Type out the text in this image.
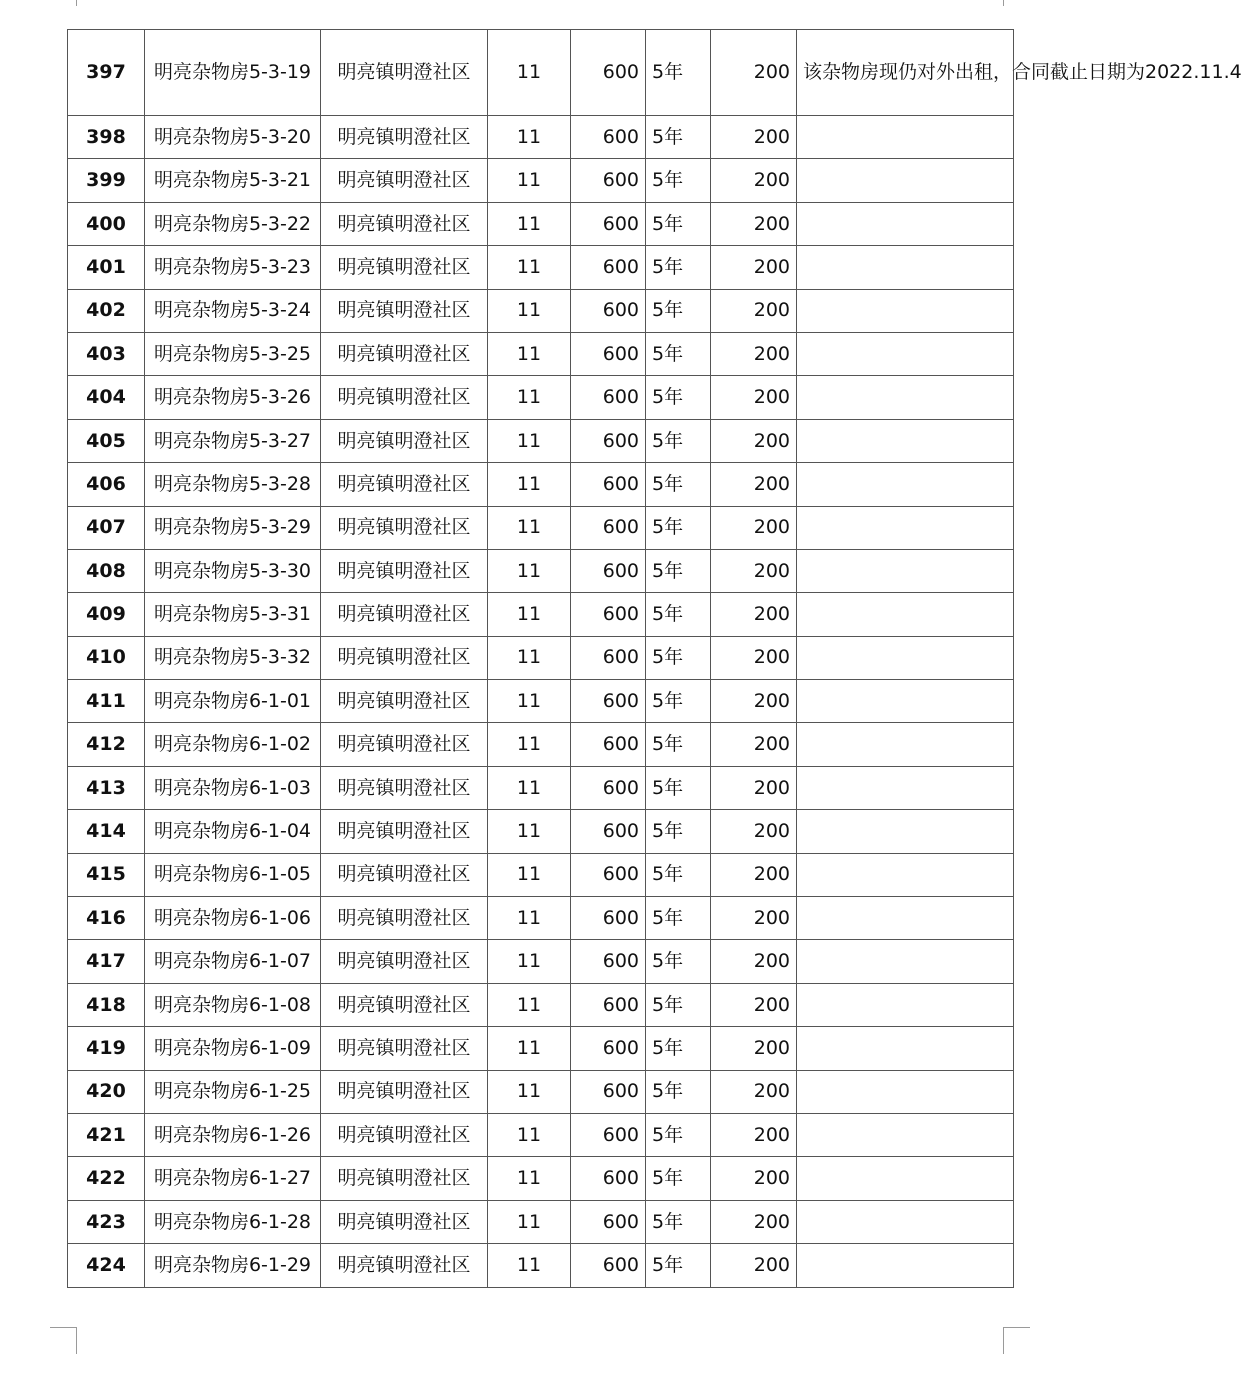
397	明亮杂物房5-3-19	明亮镇明澄社区	11	600	5年	200	该杂物房现仍对外出租，合同截止日期为2022.11.4
398	明亮杂物房5-3-20	明亮镇明澄社区	11	600	5年	200	
399	明亮杂物房5-3-21	明亮镇明澄社区	11	600	5年	200	
400	明亮杂物房5-3-22	明亮镇明澄社区	11	600	5年	200	
401	明亮杂物房5-3-23	明亮镇明澄社区	11	600	5年	200	
402	明亮杂物房5-3-24	明亮镇明澄社区	11	600	5年	200	
403	明亮杂物房5-3-25	明亮镇明澄社区	11	600	5年	200	
404	明亮杂物房5-3-26	明亮镇明澄社区	11	600	5年	200	
405	明亮杂物房5-3-27	明亮镇明澄社区	11	600	5年	200	
406	明亮杂物房5-3-28	明亮镇明澄社区	11	600	5年	200	
407	明亮杂物房5-3-29	明亮镇明澄社区	11	600	5年	200	
408	明亮杂物房5-3-30	明亮镇明澄社区	11	600	5年	200	
409	明亮杂物房5-3-31	明亮镇明澄社区	11	600	5年	200	
410	明亮杂物房5-3-32	明亮镇明澄社区	11	600	5年	200	
411	明亮杂物房6-1-01	明亮镇明澄社区	11	600	5年	200	
412	明亮杂物房6-1-02	明亮镇明澄社区	11	600	5年	200	
413	明亮杂物房6-1-03	明亮镇明澄社区	11	600	5年	200	
414	明亮杂物房6-1-04	明亮镇明澄社区	11	600	5年	200	
415	明亮杂物房6-1-05	明亮镇明澄社区	11	600	5年	200	
416	明亮杂物房6-1-06	明亮镇明澄社区	11	600	5年	200	
417	明亮杂物房6-1-07	明亮镇明澄社区	11	600	5年	200	
418	明亮杂物房6-1-08	明亮镇明澄社区	11	600	5年	200	
419	明亮杂物房6-1-09	明亮镇明澄社区	11	600	5年	200	
420	明亮杂物房6-1-25	明亮镇明澄社区	11	600	5年	200	
421	明亮杂物房6-1-26	明亮镇明澄社区	11	600	5年	200	
422	明亮杂物房6-1-27	明亮镇明澄社区	11	600	5年	200	
423	明亮杂物房6-1-28	明亮镇明澄社区	11	600	5年	200	
424	明亮杂物房6-1-29	明亮镇明澄社区	11	600	5年	200	
